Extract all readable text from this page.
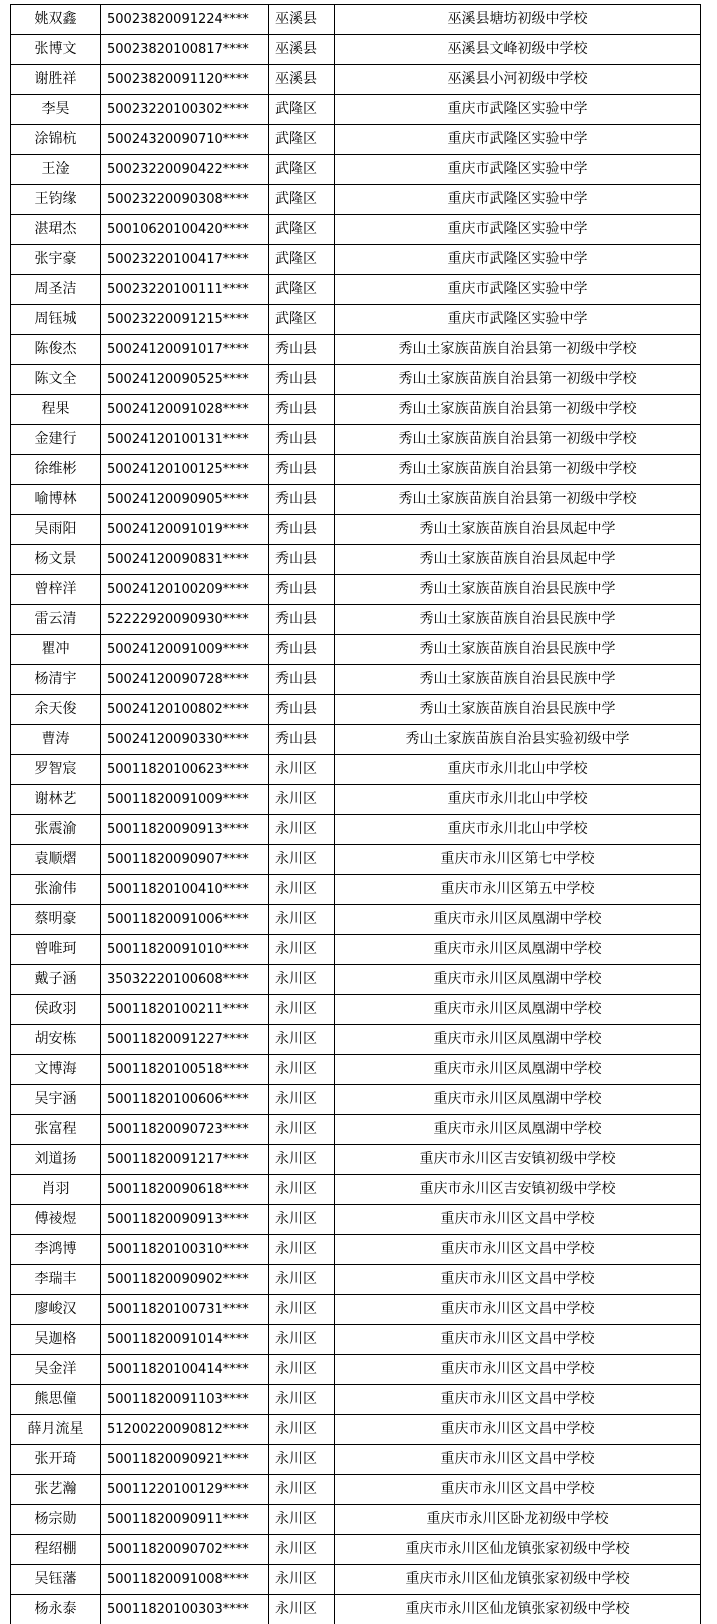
姚双鑫	50023820091224****	巫溪县	巫溪县塘坊初级中学校
张博文	50023820100817****	巫溪县	巫溪县文峰初级中学校
谢胜祥	50023820091120****	巫溪县	巫溪县小河初级中学校
李昊	50023220100302****	武隆区	重庆市武隆区实验中学
涂锦杭	50024320090710****	武隆区	重庆市武隆区实验中学
王淦	50023220090422****	武隆区	重庆市武隆区实验中学
王钧缘	50023220090308****	武隆区	重庆市武隆区实验中学
湛珺杰	50010620100420****	武隆区	重庆市武隆区实验中学
张宇豪	50023220100417****	武隆区	重庆市武隆区实验中学
周圣洁	50023220100111****	武隆区	重庆市武隆区实验中学
周钰城	50023220091215****	武隆区	重庆市武隆区实验中学
陈俊杰	50024120091017****	秀山县	秀山土家族苗族自治县第一初级中学校
陈文全	50024120090525****	秀山县	秀山土家族苗族自治县第一初级中学校
程果	50024120091028****	秀山县	秀山土家族苗族自治县第一初级中学校
金建行	50024120100131****	秀山县	秀山土家族苗族自治县第一初级中学校
徐维彬	50024120100125****	秀山县	秀山土家族苗族自治县第一初级中学校
喻博林	50024120090905****	秀山县	秀山土家族苗族自治县第一初级中学校
吴雨阳	50024120091019****	秀山县	秀山土家族苗族自治县凤起中学
杨文景	50024120090831****	秀山县	秀山土家族苗族自治县凤起中学
曾梓洋	50024120100209****	秀山县	秀山土家族苗族自治县民族中学
雷云清	52222920090930****	秀山县	秀山土家族苗族自治县民族中学
瞿冲	50024120091009****	秀山县	秀山土家族苗族自治县民族中学
杨清宇	50024120090728****	秀山县	秀山土家族苗族自治县民族中学
余天俊	50024120100802****	秀山县	秀山土家族苗族自治县民族中学
曹涛	50024120090330****	秀山县	秀山土家族苗族自治县实验初级中学
罗智宸	50011820100623****	永川区	重庆市永川北山中学校
谢林艺	50011820091009****	永川区	重庆市永川北山中学校
张震渝	50011820090913****	永川区	重庆市永川北山中学校
袁顺熠	50011820090907****	永川区	重庆市永川区第七中学校
张渝伟	50011820100410****	永川区	重庆市永川区第五中学校
蔡明豪	50011820091006****	永川区	重庆市永川区凤凰湖中学校
曾唯珂	50011820091010****	永川区	重庆市永川区凤凰湖中学校
戴子涵	35032220100608****	永川区	重庆市永川区凤凰湖中学校
侯政羽	50011820100211****	永川区	重庆市永川区凤凰湖中学校
胡安栋	50011820091227****	永川区	重庆市永川区凤凰湖中学校
文博海	50011820100518****	永川区	重庆市永川区凤凰湖中学校
吴宇涵	50011820100606****	永川区	重庆市永川区凤凰湖中学校
张富程	50011820090723****	永川区	重庆市永川区凤凰湖中学校
刘道扬	50011820091217****	永川区	重庆市永川区吉安镇初级中学校
肖羽	50011820090618****	永川区	重庆市永川区吉安镇初级中学校
傅祾煜	50011820090913****	永川区	重庆市永川区文昌中学校
李鸿博	50011820100310****	永川区	重庆市永川区文昌中学校
李瑞丰	50011820090902****	永川区	重庆市永川区文昌中学校
廖峻汉	50011820100731****	永川区	重庆市永川区文昌中学校
吴迦格	50011820091014****	永川区	重庆市永川区文昌中学校
吴金洋	50011820100414****	永川区	重庆市永川区文昌中学校
熊思僮	50011820091103****	永川区	重庆市永川区文昌中学校
薛月流星	51200220090812****	永川区	重庆市永川区文昌中学校
张开琦	50011820090921****	永川区	重庆市永川区文昌中学校
张艺瀚	50011220100129****	永川区	重庆市永川区文昌中学校
杨宗勋	50011820090911****	永川区	重庆市永川区卧龙初级中学校
程绍棚	50011820090702****	永川区	重庆市永川区仙龙镇张家初级中学校
吴钰藩	50011820091008****	永川区	重庆市永川区仙龙镇张家初级中学校
杨永泰	50011820100303****	永川区	重庆市永川区仙龙镇张家初级中学校
